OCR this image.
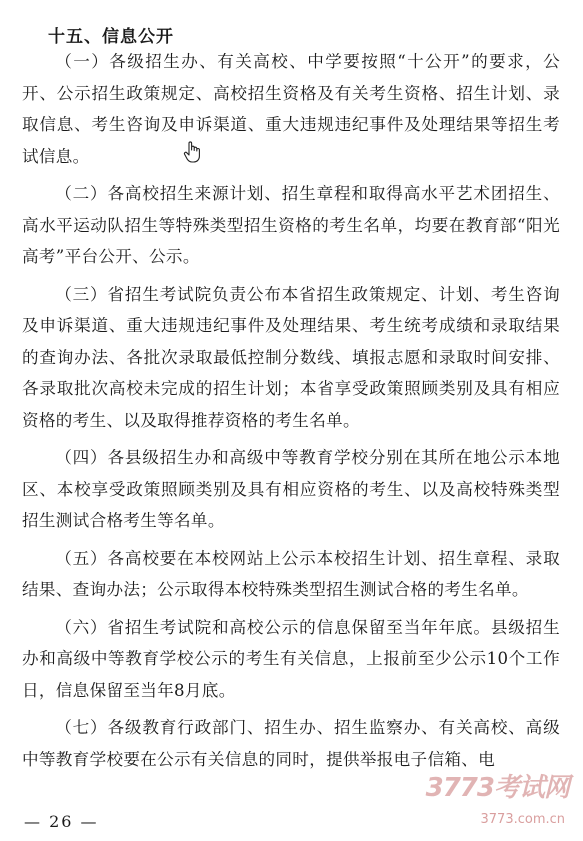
十五、信息公开

（一）各级招生办、有关高校、中学要按照“十公开”的要求，公开、公示招生政策规定、高校招生资格及有关考生资格、招生计划、录取信息、考生咨询及申诉渠道、重大违规违纪事件及处理结果等招生考试信息。

（二）各高校招生来源计划、招生章程和取得高水平艺术团招生、高水平运动队招生等特殊类型招生资格的考生名单，均要在教育部“阳光高考”平台公开、公示。

（三）省招生考试院负责公布本省招生政策规定、计划、考生咨询及申诉渠道、重大违规违纪事件及处理结果、考生统考成绩和录取结果的查询办法、各批次录取最低控制分数线、填报志愿和录取时间安排、各录取批次高校未完成的招生计划；本省享受政策照顾类别及具有相应资格的考生、以及取得推荐资格的考生名单。

（四）各县级招生办和高级中等教育学校分别在其所在地公示本地区、本校享受政策照顾类别及具有相应资格的考生、以及高校特殊类型招生测试合格考生等名单。

（五）各高校要在本校网站上公示本校招生计划、招生章程、录取结果、查询办法；公示取得本校特殊类型招生测试合格的考生名单。

（六）省招生考试院和高校公示的信息保留至当年年底。县级招生办和高级中等教育学校公示的考生有关信息，上报前至少公示10个工作日，信息保留至当年8月底。

（七）各级教育行政部门、招生办、招生监察办、有关高校、高级中等教育学校要在公示有关信息的同时，提供举报电子信箱、电

3773考试网

3773.com.cn

— 26 —
